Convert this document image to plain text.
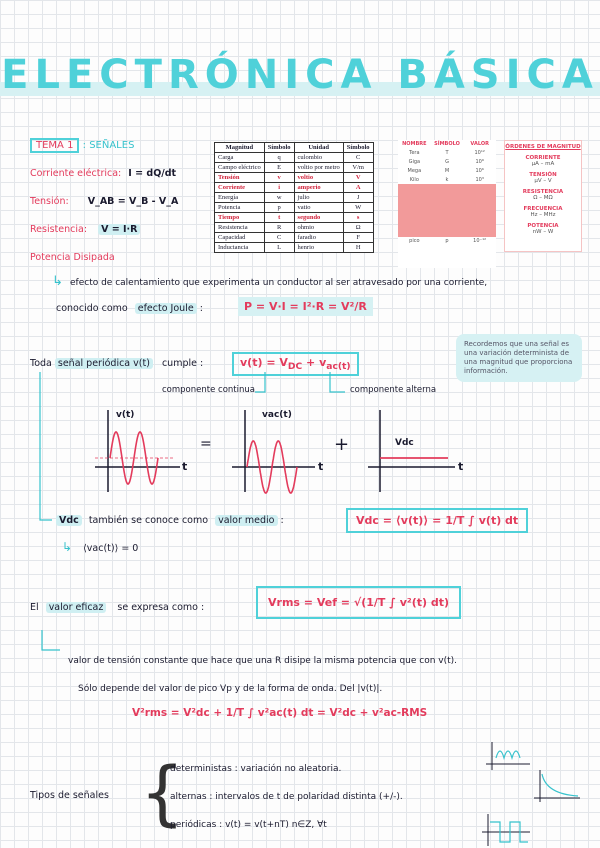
ELECTRÓNICA BÁSICA
TEMA 1 : SEÑALES
Corriente eléctrica: I = dQ/dt
Tensión: V_AB = V_B - V_A
Resistencia: V = I·R
Potencia Disipada
Magnitud	Símbolo	Unidad	Símbolo
Carga	q	culombio	C
Campo eléctrico	E	voltio por metro	V/m
Tensión	v	voltio	V
Corriente	i	amperio	A
Energía	w	julio	J
Potencia	p	vatio	W
Tiempo	t	segundo	s
Resistencia	R	ohmio	Ω
Capacidad	C	faradio	F
Inductancia	L	henrio	H
NOMBRE	SÍMBOLO	VALOR
Tera	T	10¹²
Giga	G	10⁹
Mega	M	10⁶
Kilo	k	10³
pico	p	10⁻¹²
ÓRDENES DE MAGNITUD
CORRIENTE
µA – mA
TENSIÓN
µV – V
RESISTENCIA
Ω – MΩ
FRECUENCIA
Hz – MHz
POTENCIA
nW – W
↳ efecto de calentamiento que experimenta un conductor al ser atravesado por una corriente,
conocido como efecto Joule :	P = V·I = I²·R = V²/R
Recordemos que una señal es una variación determinista de una magnitud que proporciona información.
Toda señal periódica v(t) cumple :	$v(t) = V_{DC} + v_{ac(t)}$
componente continua	componente alterna
v(t)
t
=
vac(t)
t
+	Vdc
t
Vdc también se conoce como valor medio :
↳ ⟨vac(t)⟩ = 0
Vdc = ⟨v(t)⟩ = 1/T ∫ v(t) dt
El valor eficaz se expresa como :	Vrms = Vef = √(1/T ∫ v²(t) dt)
valor de tensión constante que hace que una R disipe la misma potencia que con v(t).
Sólo depende del valor de pico Vp y de la forma de onda. Del |v(t)|.
V²rms = V²dc + 1/T ∫ v²ac(t) dt = V²dc + v²ac-RMS
Tipos de señales {
deterministas : variación no aleatoria.
alternas : intervalos de t de polaridad distinta (+/-).
periódicas : v(t) = v(t+nT) n∈Z, ∀t
